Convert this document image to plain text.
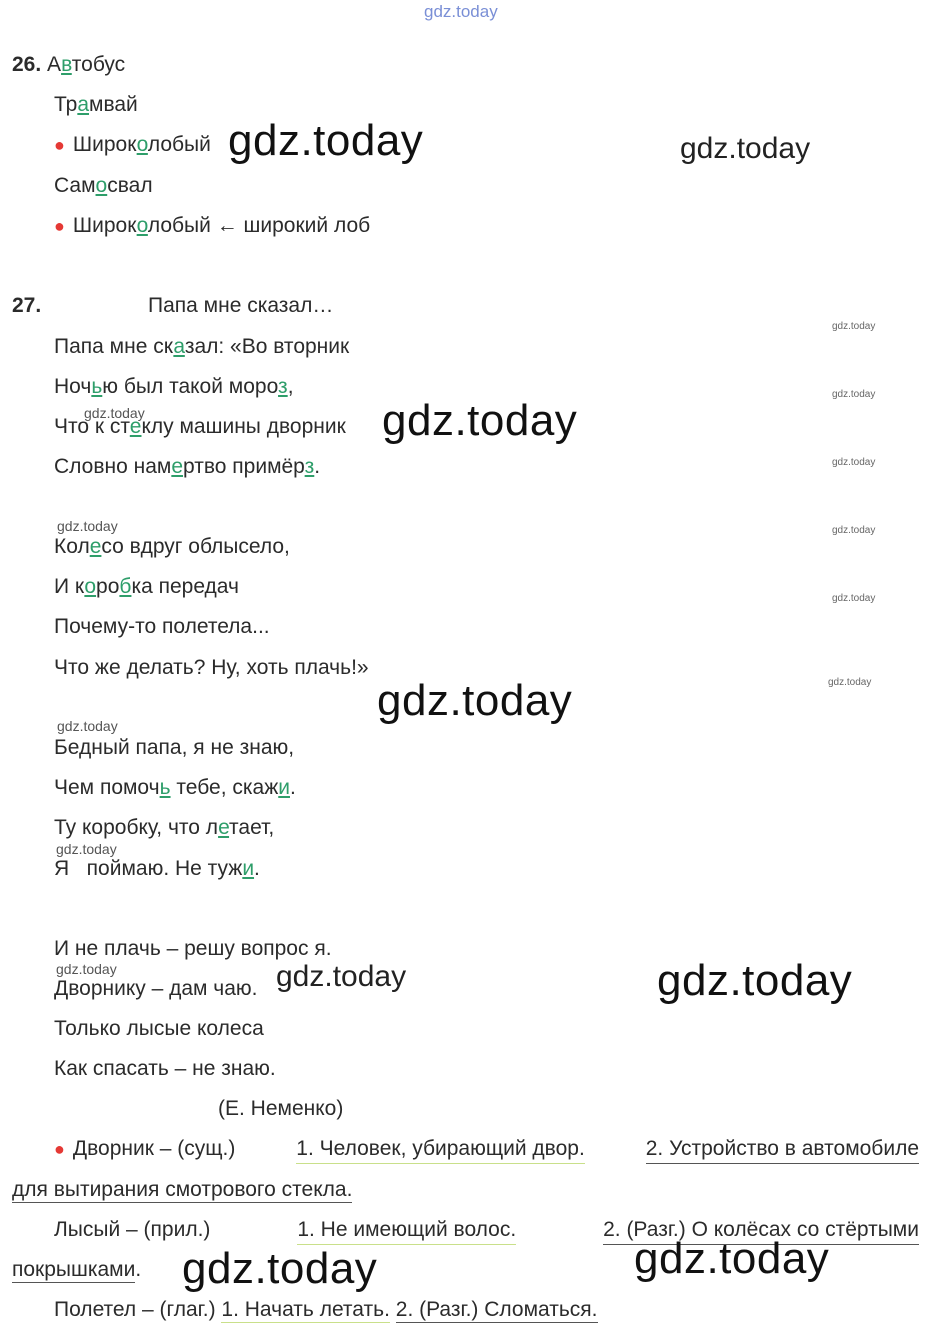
gdz.today
26. Автобус
Трамвай
● Широколобый
Самосвал
● Широколобый ← широкий лоб
27.	Папа мне сказал…
Папа мне сказал: «Во вторник
Ночью был такой мороз,
Что к стеклу машины дворник
Словно намертво примёрз.
Колесо вдруг облысело,
И коробка передач
Почему-то полетела...
Что же делать? Ну, хоть плачь!»
Бедный папа, я не знаю,
Чем помочь тебе, скажи.
Ту коробку, что летает,
Я   поймаю. Не тужи.
И не плачь – решу вопрос я.
Дворнику – дам чаю.
Только лысые колеса
Как спасать – не знаю.
(Е. Неменко)
● Дворник – (сущ.)	1. Человек, убирающий двор.	2. Устройство в автомобиле
для вытирания смотрового стекла.
Лысый – (прил.)	1. Не имеющий волос.	2. (Разг.) О колёсах со стёртыми
покрышками.
Полетел – (глаг.) 1. Начать летать. 2. (Разг.) Сломаться.
gdz.today	gdz.today
gdz.today
gdz.today
gdz.today	gdz.today
gdz.today	gdz.today
gdz.today
gdz.today
gdz.today
gdz.today
gdz.today
gdz.today
gdz.today
gdz.today
gdz.today
gdz.today
gdz.today
